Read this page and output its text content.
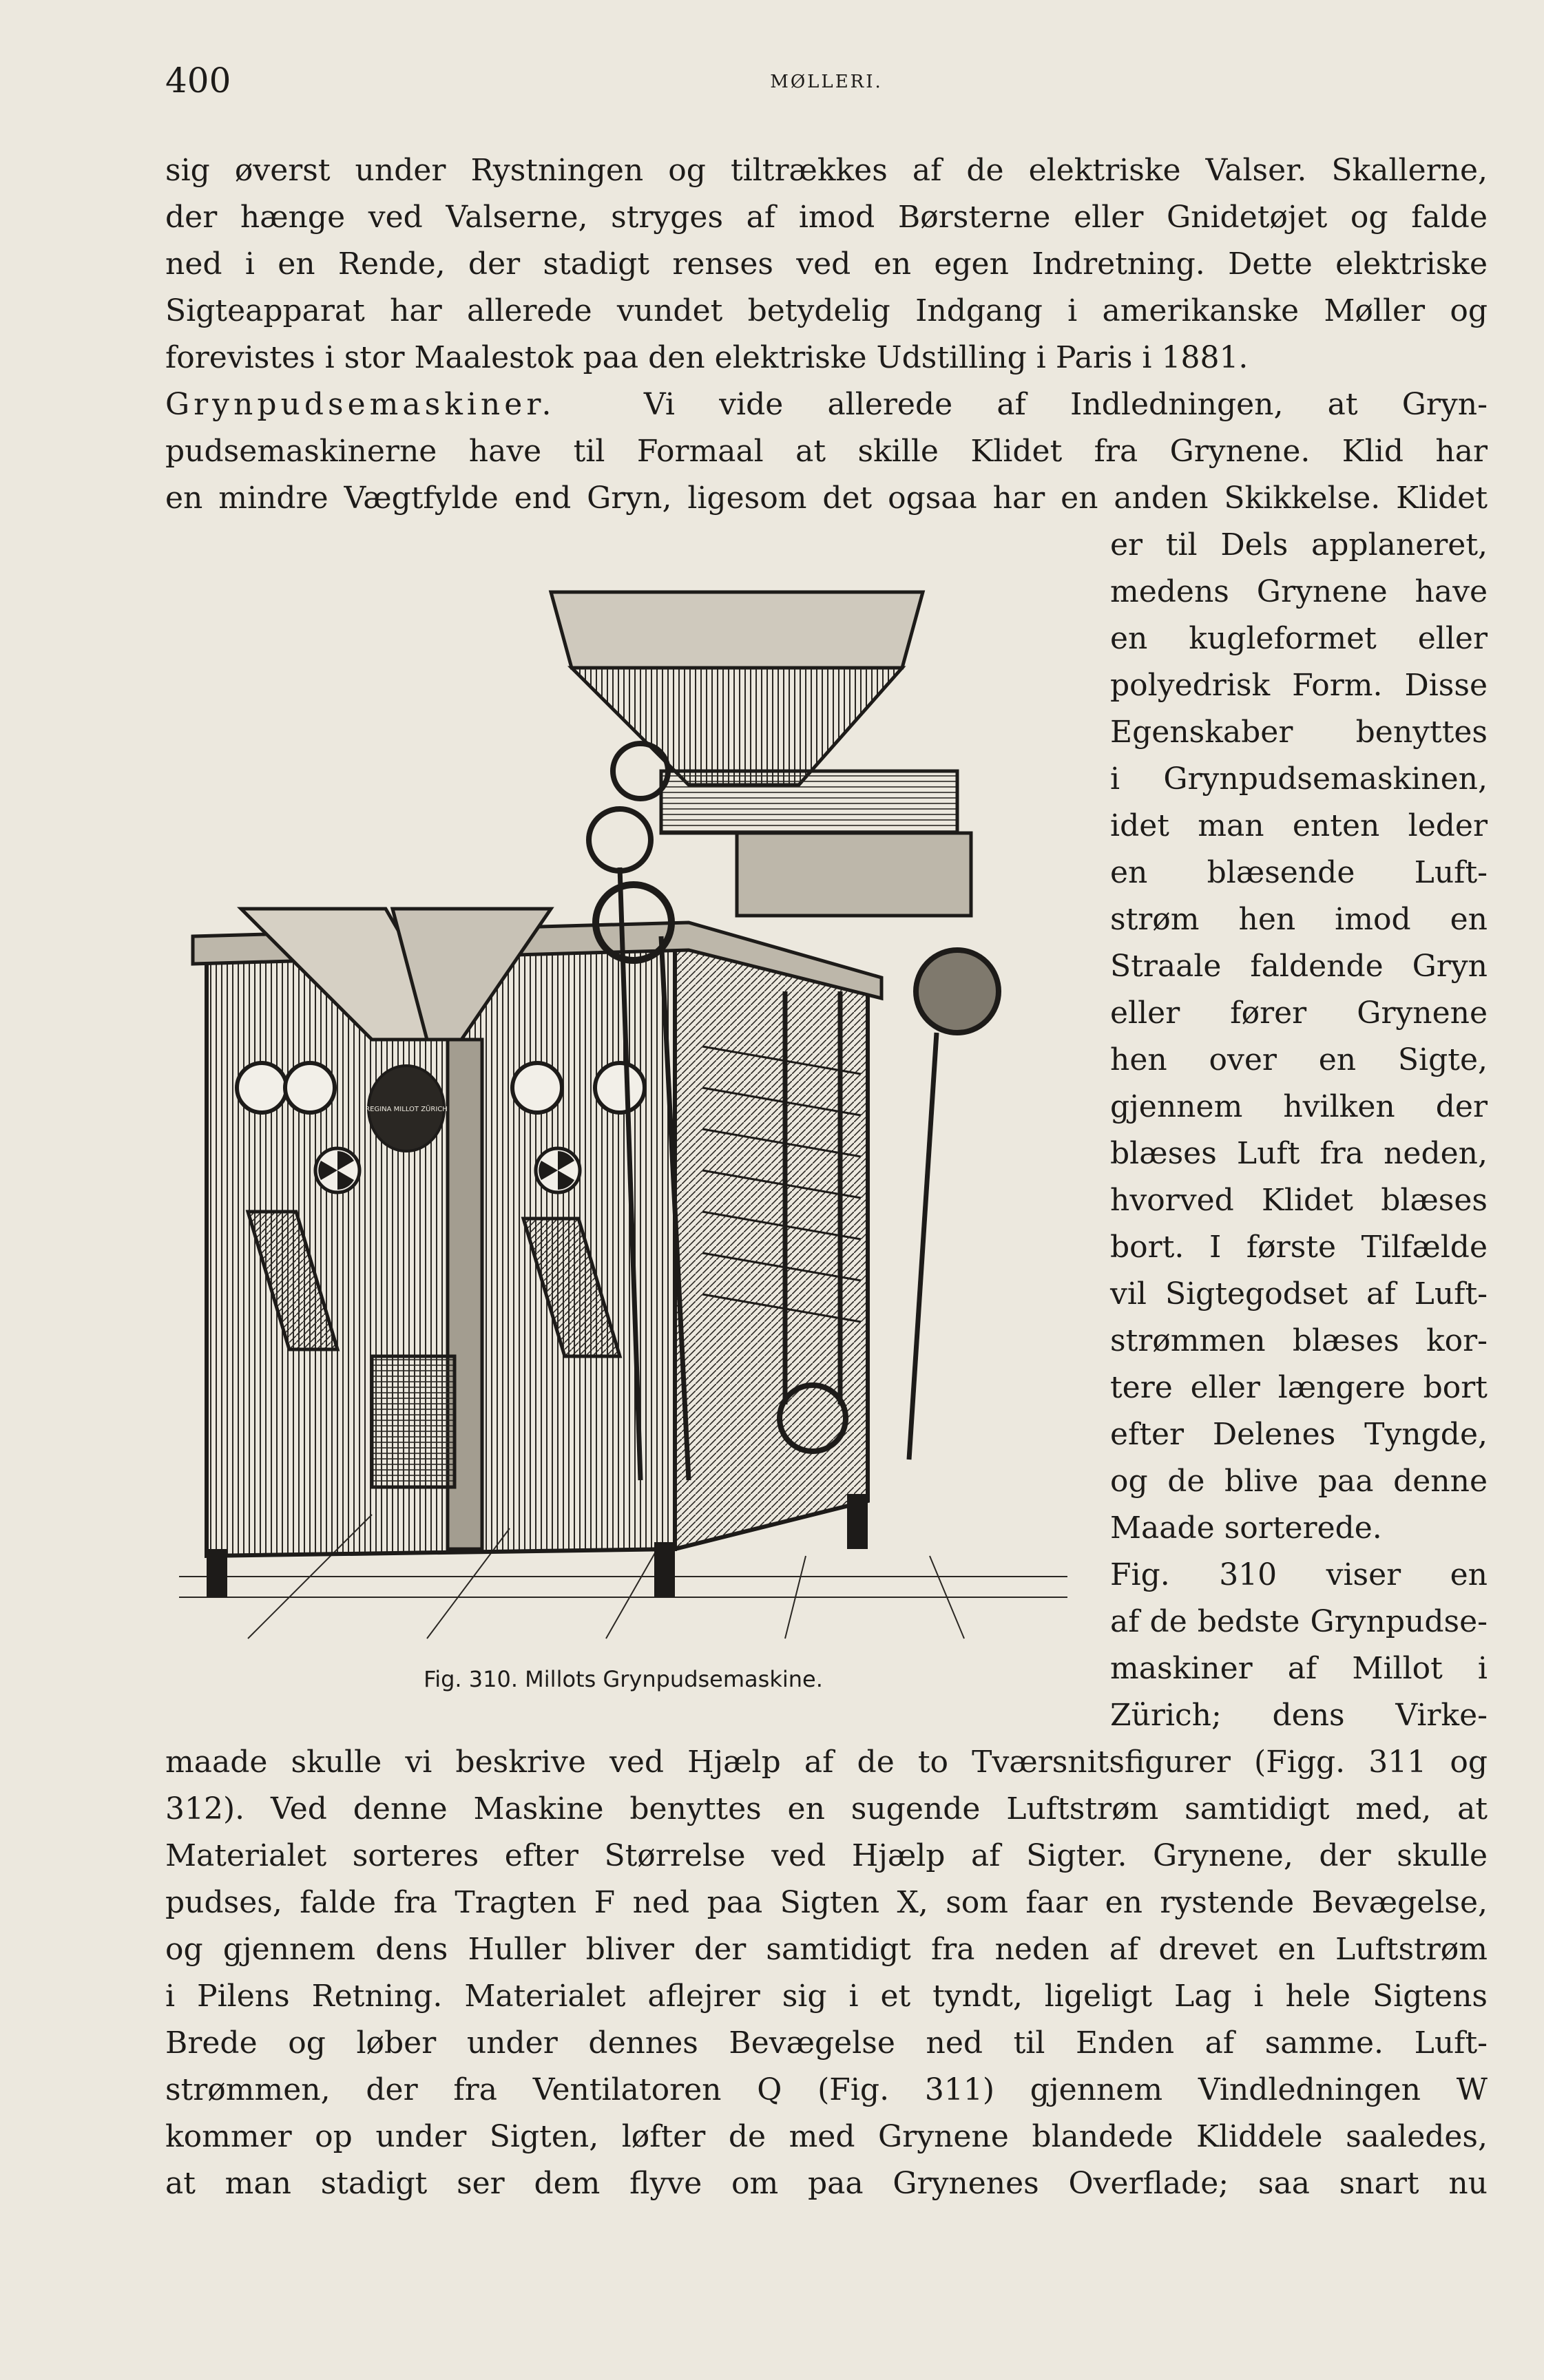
400	MØLLERI.
sig øverst under Rystningen og tiltrækkes af de elektriske Valser. Skallerne,
der hænge ved Valserne, stryges af imod Børsterne eller Gnidetøjet og falde
ned i en Rende, der stadigt renses ved en egen Indretning. Dette elektriske
Sigteapparat har allerede vundet betydelig Indgang i amerikanske Møller og
forevistes i stor Maalestok paa den elektriske Udstilling i Paris i 1881.
Grynpudsemaskiner.	Vi vide allerede af Indledningen, at Gryn-
pudsemaskinerne have til Formaal at skille Klidet fra Grynene. Klid har
en mindre Vægtfylde end Gryn, ligesom det ogsaa har en anden Skikkelse. Klidet
er til Dels applaneret,
medens Grynene have
en kugleformet eller
polyedrisk Form. Disse
Egenskaber benyttes
i Grynpudsemaskinen,
idet man enten leder
en blæsende Luft-
strøm hen imod en
Straale faldende Gryn
eller fører Grynene
hen over en Sigte,
gjennem hvilken der
blæses Luft fra neden,
hvorved Klidet blæses
bort. I første Tilfælde
vil Sigtegodset af Luft-
strømmen blæses kor-
tere eller længere bort
efter Delenes Tyngde,
og de blive paa denne
Maade sorterede.
Fig. 310 viser en
af de bedste Grynpudse-
maskiner af Millot i
Zürich; dens Virke-
maade skulle vi beskrive ved Hjælp af de to Tværsnitsfigurer (Figg. 311 og
312). Ved denne Maskine benyttes en sugende Luftstrøm samtidigt med, at
Materialet sorteres efter Størrelse ved Hjælp af Sigter. Grynene, der skulle
pudses, falde fra Tragten F ned paa Sigten X, som faar en rystende Bevægelse,
og gjennem dens Huller bliver der samtidigt fra neden af drevet en Luftstrøm
i Pilens Retning. Materialet aflejrer sig i et tyndt, ligeligt Lag i hele Sigtens
Brede og løber under dennes Bevægelse ned til Enden af samme. Luft-
strømmen, der fra Ventilatoren Q (Fig. 311) gjennem Vindledningen W
kommer op under Sigten, løfter de med Grynene blandede Kliddele saaledes,
at man stadigt ser dem flyve om paa Grynenes Overflade; saa snart nu
REGINA MILLOT ZÜRICH
Fig. 310. Millots Grynpudsemaskine.
